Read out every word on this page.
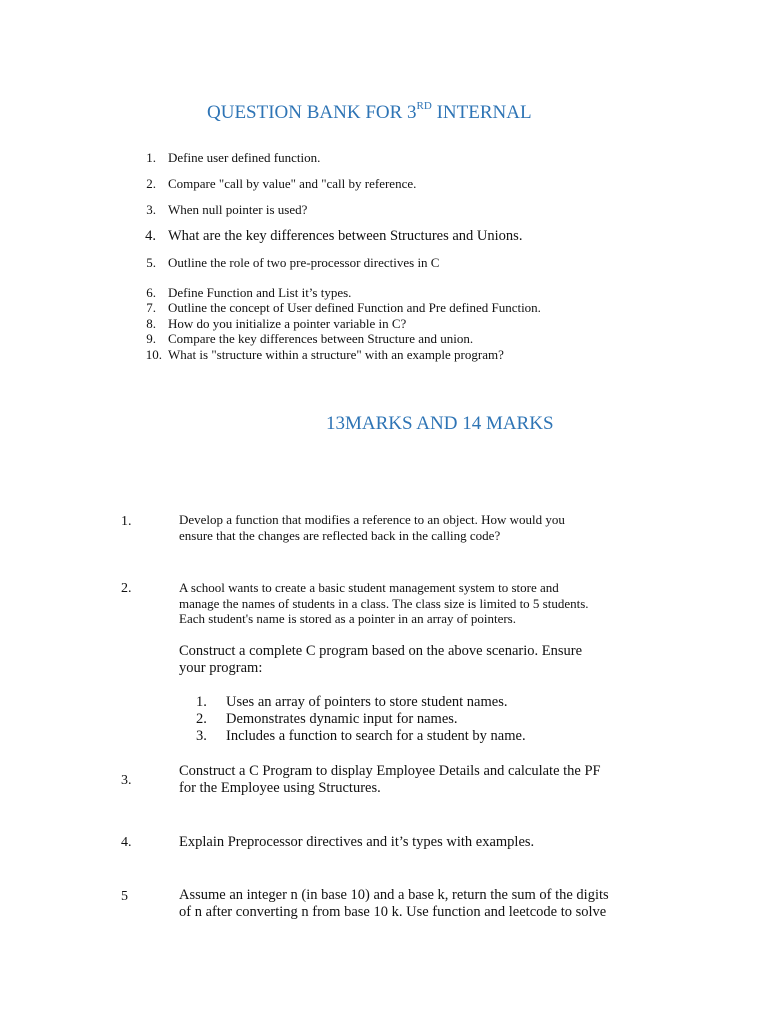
QUESTION BANK FOR 3RD INTERNAL
1. Define user defined function.
2. Compare "call by value" and "call by reference.
3. When null pointer is used?
4. What are the key differences between Structures and Unions.
5. Outline the role of two pre-processor directives in C
6. Define Function and List it’s types.
7. Outline the concept of User defined Function and Pre defined Function.
8. How do you initialize a pointer variable in C?
9. Compare the key differences between Structure and union.
10. What is "structure within a structure" with an example program?
13MARKS AND 14 MARKS
1.	Develop a function that modifies a reference to an object. How would you
ensure that the changes are reflected back in the calling code?
2.	A school wants to create a basic student management system to store and
manage the names of students in a class. The class size is limited to 5 students.
Each student's name is stored as a pointer in an array of pointers.
Construct a complete C program based on the above scenario. Ensure
your program:
1. Uses an array of pointers to store student names.
2. Demonstrates dynamic input for names.
3. Includes a function to search for a student by name.
3.
Construct a C Program to display Employee Details and calculate the PF
for the Employee using Structures.
4.	Explain Preprocessor directives and it’s types with examples.
5	Assume an integer n (in base 10) and a base k, return the sum of the digits
of n after converting n from base 10 k. Use function and leetcode to solve
